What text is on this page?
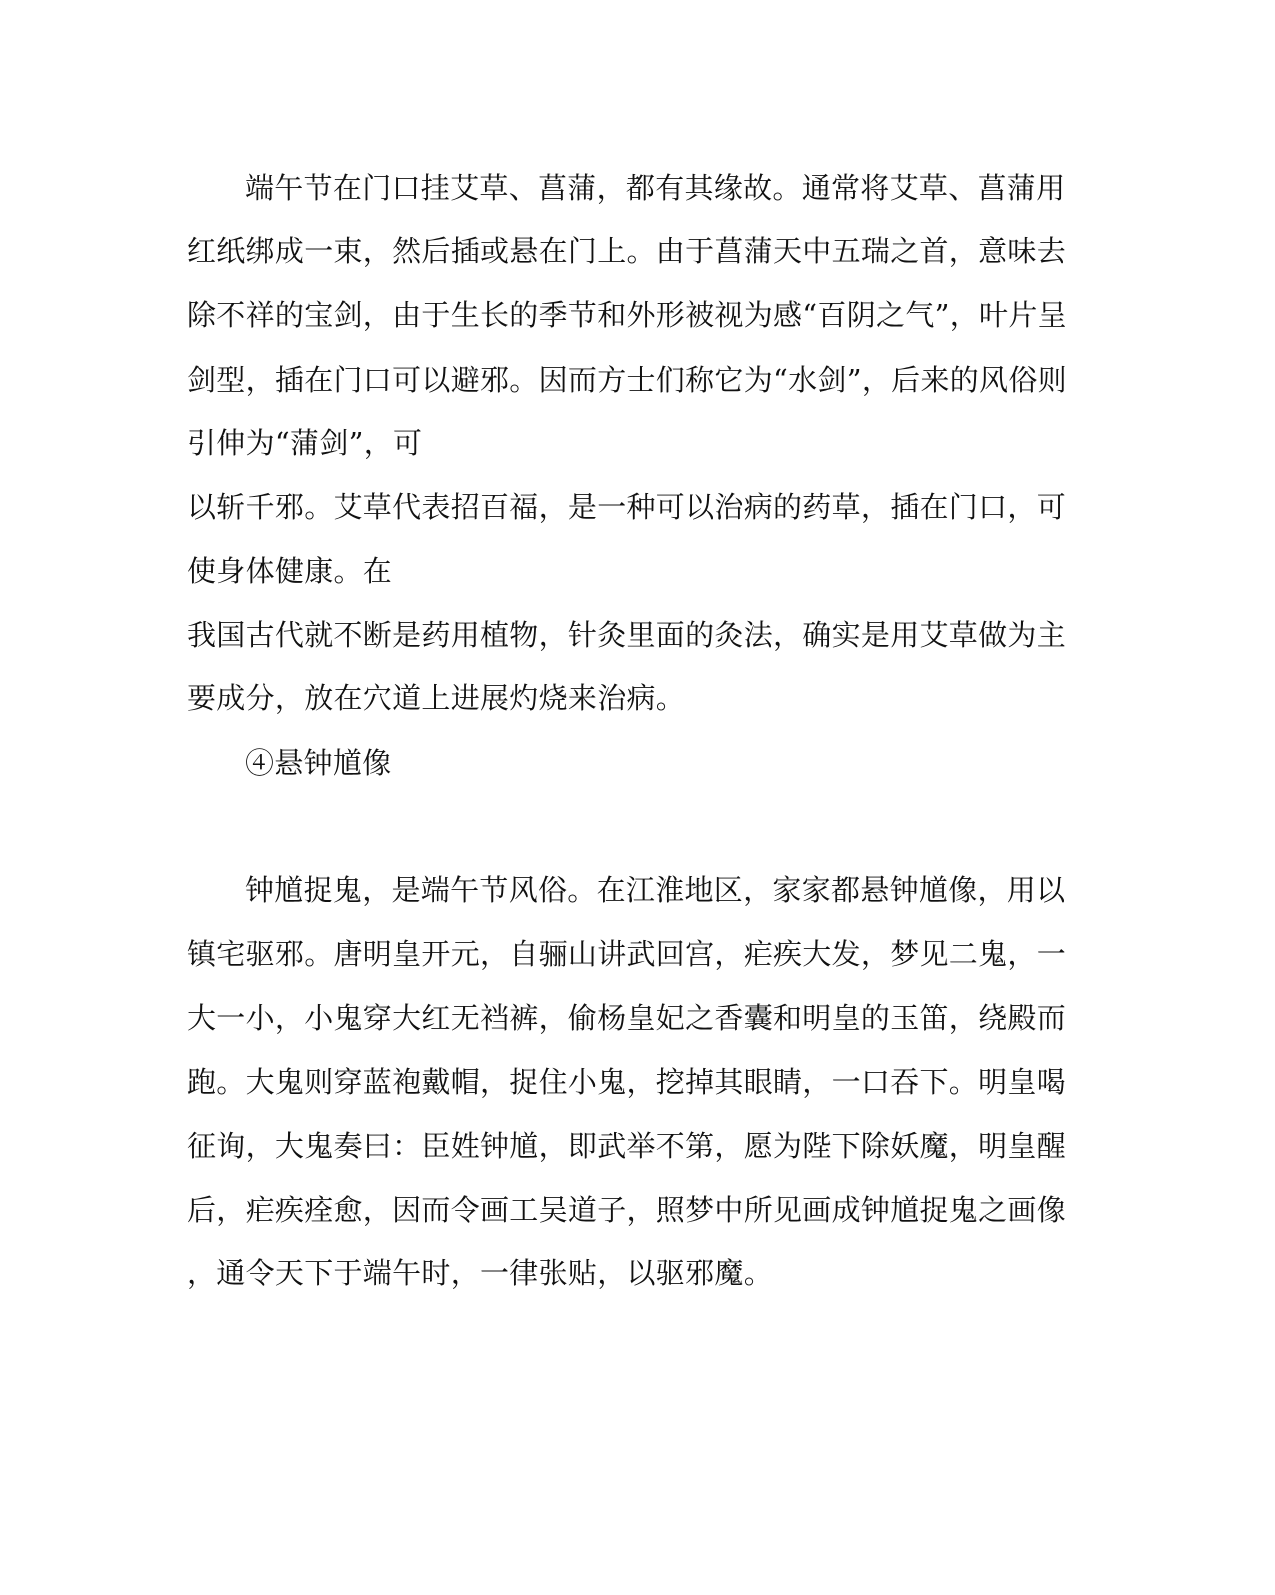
端午节在门口挂艾草、菖蒲，都有其缘故。通常将艾草、菖蒲用
红纸绑成一束，然后插或悬在门上。由于菖蒲天中五瑞之首，意味去
除不祥的宝剑，由于生长的季节和外形被视为感“百阴之气”，叶片呈
剑型，插在门口可以避邪。因而方士们称它为“水剑”，后来的风俗则
引伸为“蒲剑”，可
以斩千邪。艾草代表招百福，是一种可以治病的药草，插在门口，可
使身体健康。在
我国古代就不断是药用植物，针灸里面的灸法，确实是用艾草做为主
要成分，放在穴道上进展灼烧来治病。
④悬钟馗像
钟馗捉鬼，是端午节风俗。在江淮地区，家家都悬钟馗像，用以
镇宅驱邪。唐明皇开元，自骊山讲武回宫，疟疾大发，梦见二鬼，一
大一小，小鬼穿大红无裆裤，偷杨皇妃之香囊和明皇的玉笛，绕殿而
跑。大鬼则穿蓝袍戴帽，捉住小鬼，挖掉其眼睛，一口吞下。明皇喝
征询，大鬼奏曰：臣姓钟馗，即武举不第，愿为陛下除妖魔，明皇醒
后，疟疾痊愈，因而令画工吴道子，照梦中所见画成钟馗捉鬼之画像
，通令天下于端午时，一律张贴，以驱邪魔。
